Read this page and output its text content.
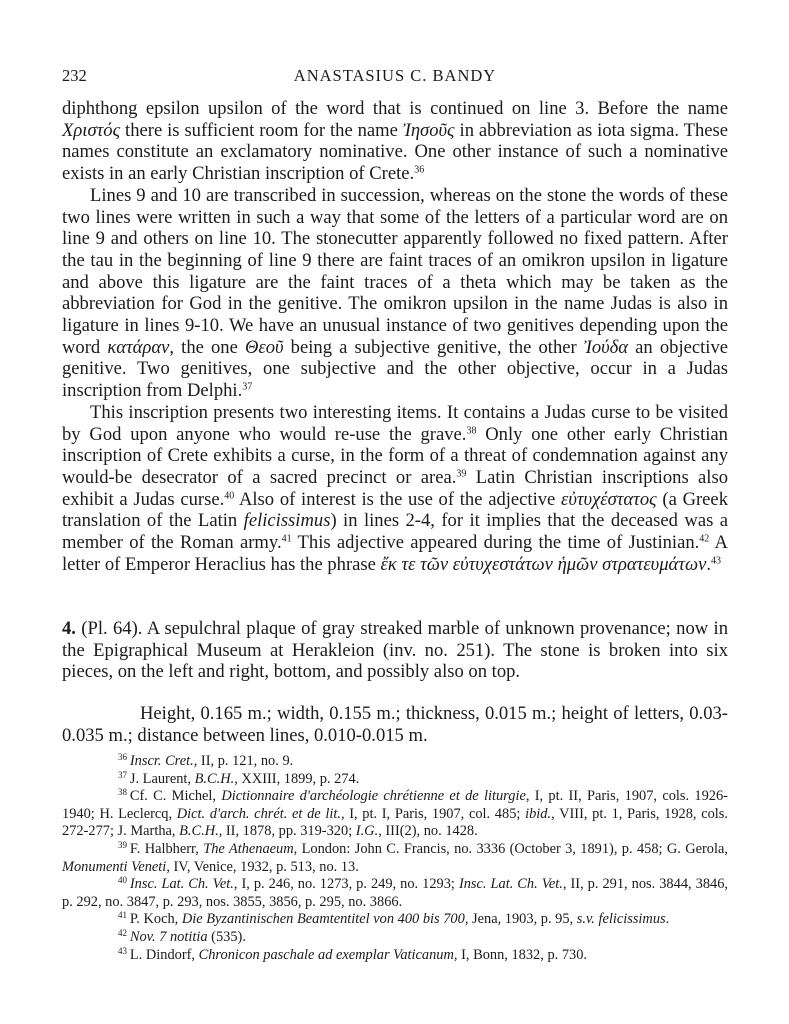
232	ANASTASIUS C. BANDY

diphthong epsilon upsilon of the word that is continued on line 3. Before the name Χριστός there is sufficient room for the name Ἰησοῦς in abbreviation as iota sigma. These names constitute an exclamatory nominative. One other instance of such a nominative exists in an early Christian inscription of Crete.$^{36}$

Lines 9 and 10 are transcribed in succession, whereas on the stone the words of these two lines were written in such a way that some of the letters of a particular word are on line 9 and others on line 10. The stonecutter apparently followed no fixed pattern. After the tau in the beginning of line 9 there are faint traces of an omikron upsilon in ligature and above this ligature are the faint traces of a theta which may be taken as the abbreviation for God in the genitive. The omikron upsilon in the name Judas is also in ligature in lines 9-10. We have an unusual instance of two genitives depending upon the word κατάραν, the one Θεοῦ being a subjective genitive, the other Ἰούδα an objective genitive. Two genitives, one subjective and the other objective, occur in a Judas inscription from Delphi.$^{37}$

This inscription presents two interesting items. It contains a Judas curse to be visited by God upon anyone who would re-use the grave.$^{38}$ Only one other early Christian inscription of Crete exhibits a curse, in the form of a threat of condemnation against any would-be desecrator of a sacred precinct or area.$^{39}$ Latin Christian inscriptions also exhibit a Judas curse.$^{40}$ Also of interest is the use of the adjective εὐτυχέστατος (a Greek translation of the Latin felicissimus) in lines 2-4, for it implies that the deceased was a member of the Roman army.$^{41}$ This adjective appeared during the time of Justinian.$^{42}$ A letter of Emperor Heraclius has the phrase ἔκ τε τῶν εὐτυχεστάτων ἡμῶν στρατευμάτων.$^{43}$

4. (Pl. 64). A sepulchral plaque of gray streaked marble of unknown provenance; now in the Epigraphical Museum at Herakleion (inv. no. 251). The stone is broken into six pieces, on the left and right, bottom, and possibly also on top.

Height, 0.165 m.; width, 0.155 m.; thickness, 0.015 m.; height of letters, 0.03-0.035 m.; distance between lines, 0.010-0.015 m.

36  Inscr. Cret., II, p. 121, no. 9.

37  J. Laurent, B.C.H., XXIII, 1899, p. 274.

38  Cf. C. Michel, Dictionnaire d'archéologie chrétienne et de liturgie, I, pt. II, Paris, 1907, cols. 1926-1940; H. Leclercq, Dict. d'arch. chrét. et de lit., I, pt. I, Paris, 1907, col. 485; ibid., VIII, pt. 1, Paris, 1928, cols. 272-277; J. Martha, B.C.H., II, 1878, pp. 319-320; I.G., III(2), no. 1428.

39  F. Halbherr, The Athenaeum, London: John C. Francis, no. 3336 (October 3, 1891), p. 458; G. Gerola, Monumenti Veneti, IV, Venice, 1932, p. 513, no. 13.

40  Insc. Lat. Ch. Vet., I, p. 246, no. 1273, p. 249, no. 1293; Insc. Lat. Ch. Vet., II, p. 291, nos. 3844, 3846, p. 292, no. 3847, p. 293, nos. 3855, 3856, p. 295, no. 3866.

41  P. Koch, Die Byzantinischen Beamtentitel von 400 bis 700, Jena, 1903, p. 95, s.v. felicissimus.

42  Nov. 7 notitia (535).

43  L. Dindorf, Chronicon paschale ad exemplar Vaticanum, I, Bonn, 1832, p. 730.
